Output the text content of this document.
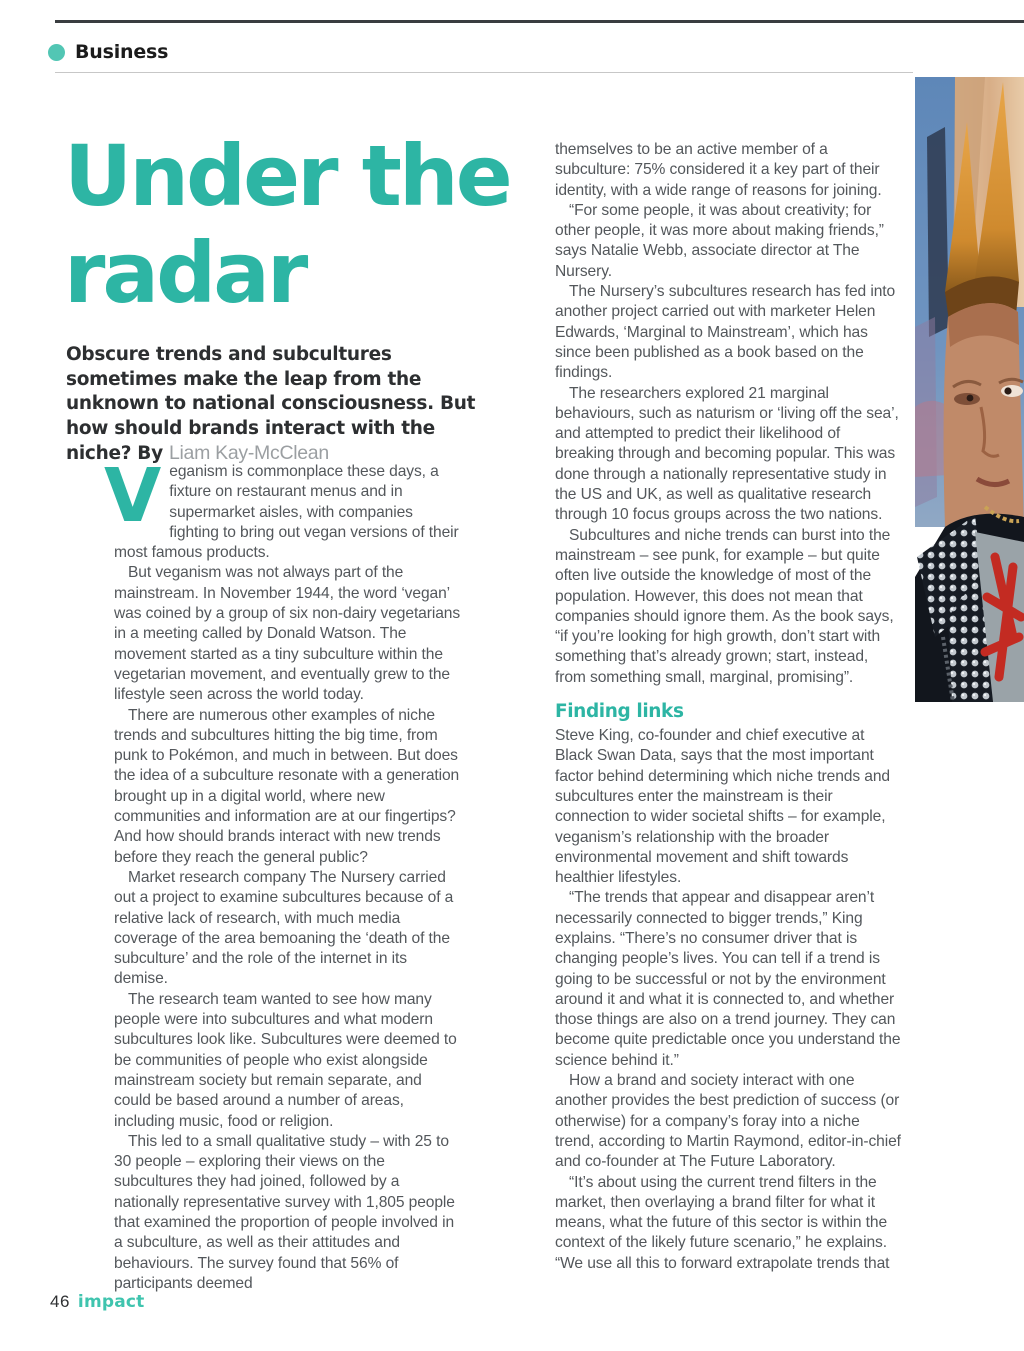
Business
Under the
radar
Obscure trends and subcultures sometimes make the leap from the unknown to national consciousness. But how should brands interact with the niche? By Liam Kay-McClean

Veganism is commonplace these days, a fixture on restaurant menus and in supermarket aisles, with companies fighting to bring out vegan versions of their most famous products.

But veganism was not always part of the mainstream. In November 1944, the word ‘vegan’ was coined by a group of six non-dairy vegetarians in a meeting called by Donald Watson. The movement started as a tiny subculture within the vegetarian movement, and eventually grew to the lifestyle seen across the world today.

There are numerous other examples of niche trends and subcultures hitting the big time, from punk to Pokémon, and much in between. But does the idea of a subculture resonate with a generation brought up in a digital world, where new communities and information are at our fingertips? And how should brands interact with new trends before they reach the general public?

Market research company The Nursery carried out a project to examine subcultures because of a relative lack of research, with much media coverage of the area bemoaning the ‘death of the subculture’ and the role of the internet in its demise.

The research team wanted to see how many people were into subcultures and what modern subcultures look like. Subcultures were deemed to be communities of people who exist alongside mainstream society but remain separate, and could be based around a number of areas, including music, food or religion.

This led to a small qualitative study – with 25 to 30 people – exploring their views on the subcultures they had joined, followed by a nationally representative survey with 1,805 people that examined the proportion of people involved in a subculture, as well as their attitudes and behaviours. The survey found that 56% of participants deemed

themselves to be an active member of a subculture: 75% considered it a key part of their identity, with a wide range of reasons for joining.

“For some people, it was about creativity; for other people, it was more about making friends,” says Natalie Webb, associate director at The Nursery.

The Nursery’s subcultures research has fed into another project carried out with marketer Helen Edwards, ‘Marginal to Mainstream’, which has since been published as a book based on the findings.

The researchers explored 21 marginal behaviours, such as naturism or ‘living off the sea’, and attempted to predict their likelihood of breaking through and becoming popular. This was done through a nationally representative study in the US and UK, as well as qualitative research through 10 focus groups across the two nations.

Subcultures and niche trends can burst into the mainstream – see punk, for example – but quite often live outside the knowledge of most of the population. However, this does not mean that companies should ignore them. As the book says, “if you’re looking for high growth, don’t start with something that’s already grown; start, instead, from something small, marginal, promising”.

Finding links

Steve King, co-founder and chief executive at Black Swan Data, says that the most important factor behind determining which niche trends and subcultures enter the mainstream is their connection to wider societal shifts – for example, veganism’s relationship with the broader environmental movement and shift towards healthier lifestyles.

“The trends that appear and disappear aren’t necessarily connected to bigger trends,” King explains. “There’s no consumer driver that is changing people’s lives. You can tell if a trend is going to be successful or not by the environment around it and what it is connected to, and whether those things are also on a trend journey. They can become quite predictable once you understand the science behind it.”

How a brand and society interact with one another provides the best prediction of success (or otherwise) for a company’s foray into a niche trend, according to Martin Raymond, editor-in-chief and co-founder at The Future Laboratory.

“It’s about using the current trend filters in the market, then overlaying a brand filter for what it means, what the future of this sector is within the context of the likely future scenario,” he explains. “We use all this to forward extrapolate trends that

46 impact
